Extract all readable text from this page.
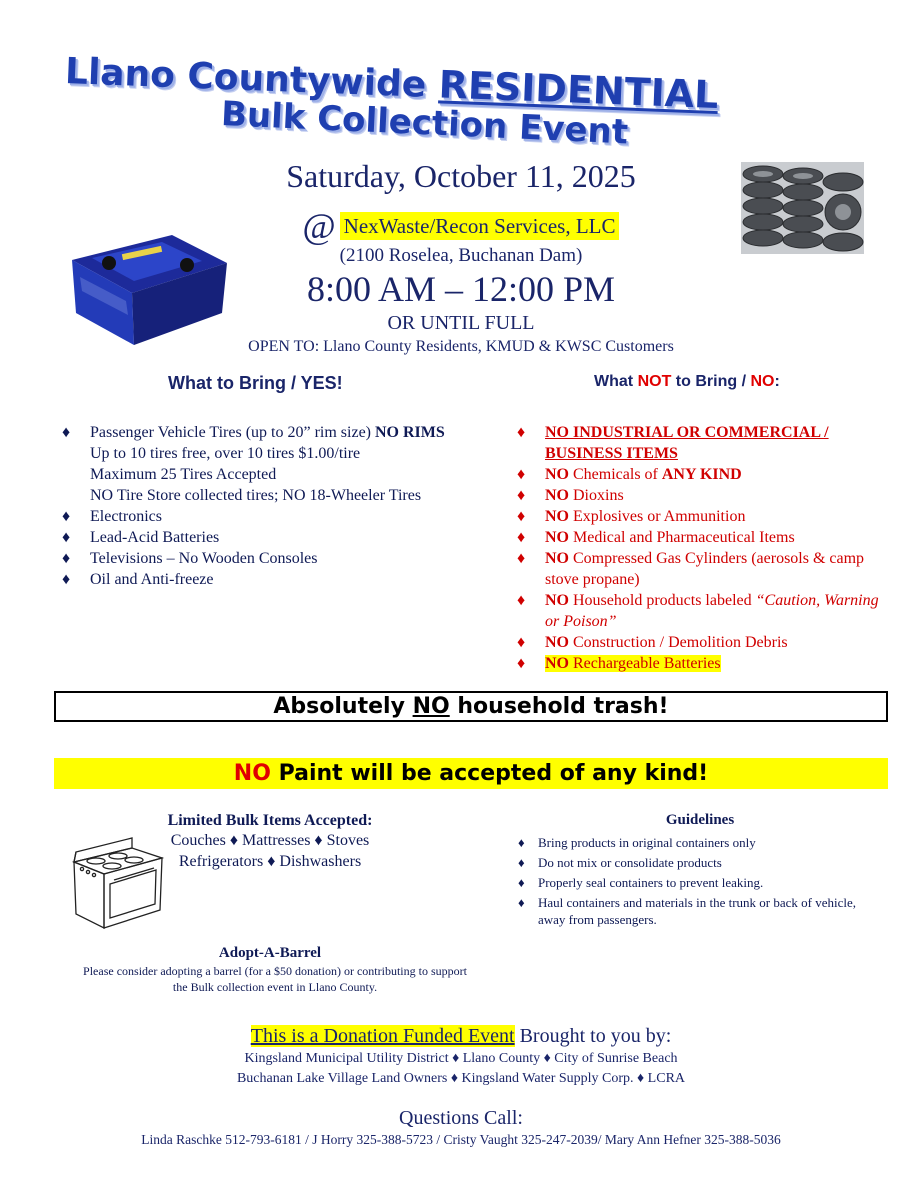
Llano Countywide RESIDENTIAL
Bulk Collection Event
Saturday, October 11, 2025
@ NexWaste/Recon Services, LLC
(2100 Roselea, Buchanan Dam)
8:00 AM – 12:00 PM
OR UNTIL FULL
OPEN TO: Llano County Residents, KMUD & KWSC Customers
What to Bring / YES!
♦ Passenger Vehicle Tires (up to 20” rim size) NO RIMS
Up to 10 tires free, over 10 tires $1.00/tire
Maximum 25 Tires Accepted
NO Tire Store collected tires; NO 18-Wheeler Tires
♦ Electronics
♦ Lead-Acid Batteries
♦ Televisions – No Wooden Consoles
♦ Oil and Anti-freeze
What NOT to Bring / NO:
♦ NO INDUSTRIAL OR COMMERCIAL / BUSINESS ITEMS
♦ NO Chemicals of ANY KIND
♦ NO Dioxins
♦ NO Explosives or Ammunition
♦ NO Medical and Pharmaceutical Items
♦ NO Compressed Gas Cylinders (aerosols & camp stove propane)
♦ NO Household products labeled “Caution, Warning or Poison”
♦ NO Construction / Demolition Debris
♦ NO Rechargeable Batteries
Absolutely NO household trash!
NO Paint will be accepted of any kind!
Limited Bulk Items Accepted:
Couches ♦ Mattresses ♦ Stoves
Refrigerators ♦ Dishwashers
Guidelines
♦ Bring products in original containers only
♦ Do not mix or consolidate products
♦ Properly seal containers to prevent leaking.
♦ Haul containers and materials in the trunk or back of vehicle, away from passengers.
Adopt-A-Barrel
Please consider adopting a barrel (for a $50 donation) or contributing to support the Bulk collection event in Llano County.
This is a Donation Funded Event Brought to you by:
Kingsland Municipal Utility District ♦ Llano County ♦ City of Sunrise Beach
Buchanan Lake Village Land Owners ♦ Kingsland Water Supply Corp. ♦ LCRA
Questions Call:
Linda Raschke 512-793-6181 / J Horry 325-388-5723 / Cristy Vaught 325-247-2039/ Mary Ann Hefner 325-388-5036
